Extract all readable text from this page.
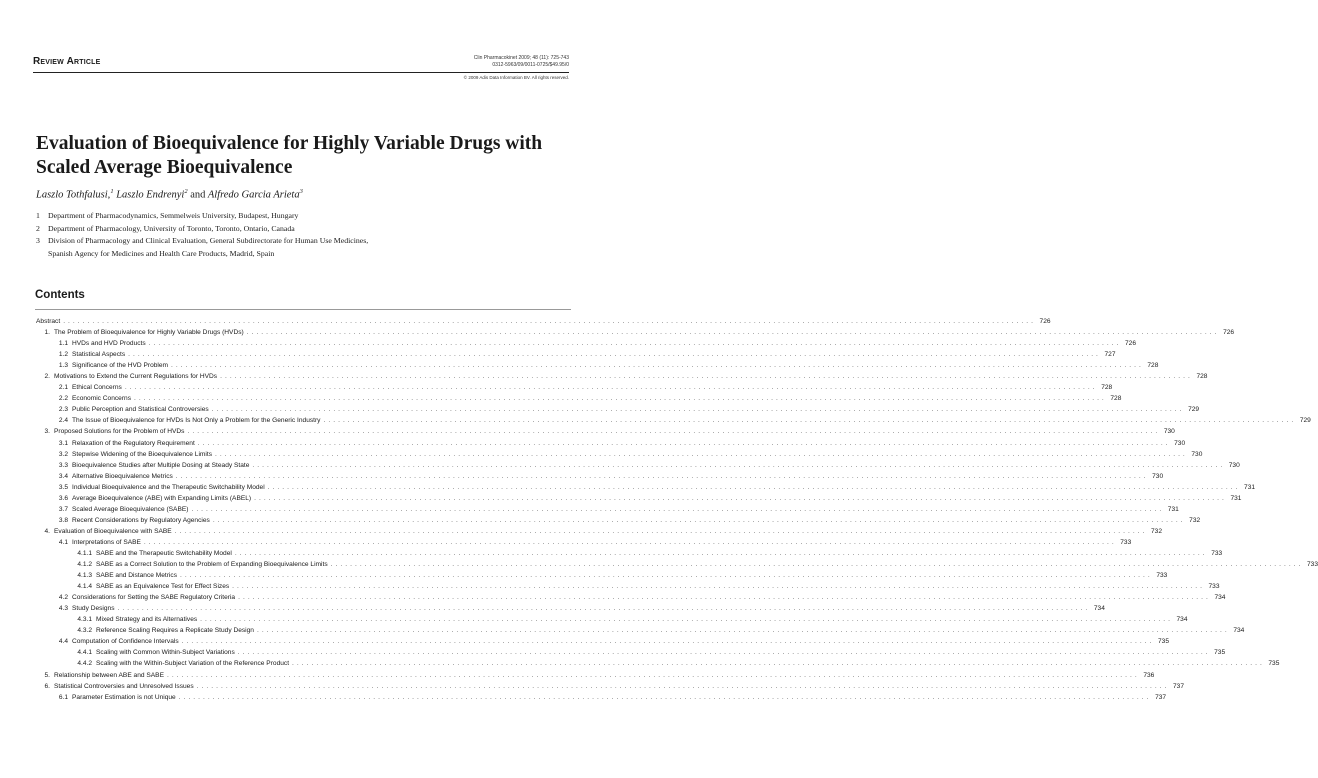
Review Article	Clin Pharmacokinet 2009; 48 (11): 725-743
0312-5963/09/0011-0725/$49.95/0
© 2009 Adis Data Information BV. All rights reserved.
Evaluation of Bioequivalence for Highly Variable Drugs with Scaled Average Bioequivalence
Laszlo Tothfalusi,$^1$ Laszlo Endrenyi$^2$ and Alfredo Garcia Arieta$^3$
1	Department of Pharmacodynamics, Semmelweis University, Budapest, Hungary
2	Department of Pharmacology, University of Toronto, Toronto, Ontario, Canada
3	Division of Pharmacology and Clinical Evaluation, General Subdirectorate for Human Use Medicines,
Spanish Agency for Medicines and Health Care Products, Madrid, Spain
Contents
Abstract . . . . . . . . . . . . . . . . . . . . . . . . . . . . . . . . . . . . . . . . . . . . . . . . . . . . . . . . . . . . . . . . . . . . . . . . . . . . . . . . . . . . . . . . . . . . . . . . . . . . . . . . . . . . . . . . . . . . . . . . . . . . . . . . . . . . . . . . . . . . . . . . . . . . . . . . . . . . . . . . . . . . . . . . . . . . . . . . . . . . . . . . . . . . . . . . . . . . . . . . 726
1. The Problem of Bioequivalence for Highly Variable Drugs (HVDs) . . . . . . . . . . . . . . . . . . . . . . . . . . . . . . . . . . . . . . . . . . . . . . . . . . . . . . . . . . . . . . . . . . . . . . . . . . . . . . . . . . . . . . . . . . . . . . . . . . . . . . . . . . . . . . . . . . . . . . . . . . . . . . . . . . . . . . . . . . . . . . . . . . . . . . . . . . . . . . . . . . . . . . . . . . . . . . . . . . . . . . . . . . . . . . . . . . . . . . . . 726
1.1 HVDs and HVD Products . . . . . . . . . . . . . . . . . . . . . . . . . . . . . . . . . . . . . . . . . . . . . . . . . . . . . . . . . . . . . . . . . . . . . . . . . . . . . . . . . . . . . . . . . . . . . . . . . . . . . . . . . . . . . . . . . . . . . . . . . . . . . . . . . . . . . . . . . . . . . . . . . . . . . . . . . . . . . . . . . . . . . . . . . . . . . . . . . . . . . . . . . . . . . . . . . . . . . . . . 726
1.2 Statistical Aspects . . . . . . . . . . . . . . . . . . . . . . . . . . . . . . . . . . . . . . . . . . . . . . . . . . . . . . . . . . . . . . . . . . . . . . . . . . . . . . . . . . . . . . . . . . . . . . . . . . . . . . . . . . . . . . . . . . . . . . . . . . . . . . . . . . . . . . . . . . . . . . . . . . . . . . . . . . . . . . . . . . . . . . . . . . . . . . . . . . . . . . . . . . . . . . . . . . . . . . . . 727
1.3 Significance of the HVD Problem . . . . . . . . . . . . . . . . . . . . . . . . . . . . . . . . . . . . . . . . . . . . . . . . . . . . . . . . . . . . . . . . . . . . . . . . . . . . . . . . . . . . . . . . . . . . . . . . . . . . . . . . . . . . . . . . . . . . . . . . . . . . . . . . . . . . . . . . . . . . . . . . . . . . . . . . . . . . . . . . . . . . . . . . . . . . . . . . . . . . . . . . . . . . . . . . . . . . . . . . 728
2. Motivations to Extend the Current Regulations for HVDs . . . . . . . . . . . . . . . . . . . . . . . . . . . . . . . . . . . . . . . . . . . . . . . . . . . . . . . . . . . . . . . . . . . . . . . . . . . . . . . . . . . . . . . . . . . . . . . . . . . . . . . . . . . . . . . . . . . . . . . . . . . . . . . . . . . . . . . . . . . . . . . . . . . . . . . . . . . . . . . . . . . . . . . . . . . . . . . . . . . . . . . . . . . . . . . . . . . . . . . . 728
2.1 Ethical Concerns . . . . . . . . . . . . . . . . . . . . . . . . . . . . . . . . . . . . . . . . . . . . . . . . . . . . . . . . . . . . . . . . . . . . . . . . . . . . . . . . . . . . . . . . . . . . . . . . . . . . . . . . . . . . . . . . . . . . . . . . . . . . . . . . . . . . . . . . . . . . . . . . . . . . . . . . . . . . . . . . . . . . . . . . . . . . . . . . . . . . . . . . . . . . . . . . . . . . . . . . 728
2.2 Economic Concerns . . . . . . . . . . . . . . . . . . . . . . . . . . . . . . . . . . . . . . . . . . . . . . . . . . . . . . . . . . . . . . . . . . . . . . . . . . . . . . . . . . . . . . . . . . . . . . . . . . . . . . . . . . . . . . . . . . . . . . . . . . . . . . . . . . . . . . . . . . . . . . . . . . . . . . . . . . . . . . . . . . . . . . . . . . . . . . . . . . . . . . . . . . . . . . . . . . . . . . . . 728
2.3 Public Perception and Statistical Controversies . . . . . . . . . . . . . . . . . . . . . . . . . . . . . . . . . . . . . . . . . . . . . . . . . . . . . . . . . . . . . . . . . . . . . . . . . . . . . . . . . . . . . . . . . . . . . . . . . . . . . . . . . . . . . . . . . . . . . . . . . . . . . . . . . . . . . . . . . . . . . . . . . . . . . . . . . . . . . . . . . . . . . . . . . . . . . . . . . . . . . . . . . . . . . . . . . . . . . . . . 729
2.4 The Issue of Bioequivalence for HVDs Is Not Only a Problem for the Generic Industry . . . . . . . . . . . . . . . . . . . . . . . . . . . . . . . . . . . . . . . . . . . . . . . . . . . . . . . . . . . . . . . . . . . . . . . . . . . . . . . . . . . . . . . . . . . . . . . . . . . . . . . . . . . . . . . . . . . . . . . . . . . . . . . . . . . . . . . . . . . . . . . . . . . . . . . . . . . . . . . . . . . . . . . . . . . . . . . . . . . . . . . . . . . . . . . . . . . . . . . . 729
3. Proposed Solutions for the Problem of HVDs . . . . . . . . . . . . . . . . . . . . . . . . . . . . . . . . . . . . . . . . . . . . . . . . . . . . . . . . . . . . . . . . . . . . . . . . . . . . . . . . . . . . . . . . . . . . . . . . . . . . . . . . . . . . . . . . . . . . . . . . . . . . . . . . . . . . . . . . . . . . . . . . . . . . . . . . . . . . . . . . . . . . . . . . . . . . . . . . . . . . . . . . . . . . . . . . . . . . . . . . 730
3.1 Relaxation of the Regulatory Requirement . . . . . . . . . . . . . . . . . . . . . . . . . . . . . . . . . . . . . . . . . . . . . . . . . . . . . . . . . . . . . . . . . . . . . . . . . . . . . . . . . . . . . . . . . . . . . . . . . . . . . . . . . . . . . . . . . . . . . . . . . . . . . . . . . . . . . . . . . . . . . . . . . . . . . . . . . . . . . . . . . . . . . . . . . . . . . . . . . . . . . . . . . . . . . . . . . . . . . . . . 730
3.2 Stepwise Widening of the Bioequivalence Limits . . . . . . . . . . . . . . . . . . . . . . . . . . . . . . . . . . . . . . . . . . . . . . . . . . . . . . . . . . . . . . . . . . . . . . . . . . . . . . . . . . . . . . . . . . . . . . . . . . . . . . . . . . . . . . . . . . . . . . . . . . . . . . . . . . . . . . . . . . . . . . . . . . . . . . . . . . . . . . . . . . . . . . . . . . . . . . . . . . . . . . . . . . . . . . . . . . . . . . . . 730
3.3 Bioequivalence Studies after Multiple Dosing at Steady State . . . . . . . . . . . . . . . . . . . . . . . . . . . . . . . . . . . . . . . . . . . . . . . . . . . . . . . . . . . . . . . . . . . . . . . . . . . . . . . . . . . . . . . . . . . . . . . . . . . . . . . . . . . . . . . . . . . . . . . . . . . . . . . . . . . . . . . . . . . . . . . . . . . . . . . . . . . . . . . . . . . . . . . . . . . . . . . . . . . . . . . . . . . . . . . . . . . . . . . . 730
3.4 Alternative Bioequivalence Metrics . . . . . . . . . . . . . . . . . . . . . . . . . . . . . . . . . . . . . . . . . . . . . . . . . . . . . . . . . . . . . . . . . . . . . . . . . . . . . . . . . . . . . . . . . . . . . . . . . . . . . . . . . . . . . . . . . . . . . . . . . . . . . . . . . . . . . . . . . . . . . . . . . . . . . . . . . . . . . . . . . . . . . . . . . . . . . . . . . . . . . . . . . . . . . . . . . . . . . . . . 730
3.5 Individual Bioequivalence and the Therapeutic Switchability Model . . . . . . . . . . . . . . . . . . . . . . . . . . . . . . . . . . . . . . . . . . . . . . . . . . . . . . . . . . . . . . . . . . . . . . . . . . . . . . . . . . . . . . . . . . . . . . . . . . . . . . . . . . . . . . . . . . . . . . . . . . . . . . . . . . . . . . . . . . . . . . . . . . . . . . . . . . . . . . . . . . . . . . . . . . . . . . . . . . . . . . . . . . . . . . . . . . . . . . . . 731
3.6 Average Bioequivalence (ABE) with Expanding Limits (ABEL) . . . . . . . . . . . . . . . . . . . . . . . . . . . . . . . . . . . . . . . . . . . . . . . . . . . . . . . . . . . . . . . . . . . . . . . . . . . . . . . . . . . . . . . . . . . . . . . . . . . . . . . . . . . . . . . . . . . . . . . . . . . . . . . . . . . . . . . . . . . . . . . . . . . . . . . . . . . . . . . . . . . . . . . . . . . . . . . . . . . . . . . . . . . . . . . . . . . . . . . . 731
3.7 Scaled Average Bioequivalence (SABE) . . . . . . . . . . . . . . . . . . . . . . . . . . . . . . . . . . . . . . . . . . . . . . . . . . . . . . . . . . . . . . . . . . . . . . . . . . . . . . . . . . . . . . . . . . . . . . . . . . . . . . . . . . . . . . . . . . . . . . . . . . . . . . . . . . . . . . . . . . . . . . . . . . . . . . . . . . . . . . . . . . . . . . . . . . . . . . . . . . . . . . . . . . . . . . . . . . . . . . . . 731
3.8 Recent Considerations by Regulatory Agencies . . . . . . . . . . . . . . . . . . . . . . . . . . . . . . . . . . . . . . . . . . . . . . . . . . . . . . . . . . . . . . . . . . . . . . . . . . . . . . . . . . . . . . . . . . . . . . . . . . . . . . . . . . . . . . . . . . . . . . . . . . . . . . . . . . . . . . . . . . . . . . . . . . . . . . . . . . . . . . . . . . . . . . . . . . . . . . . . . . . . . . . . . . . . . . . . . . . . . . . . 732
4. Evaluation of Bioequivalence with SABE . . . . . . . . . . . . . . . . . . . . . . . . . . . . . . . . . . . . . . . . . . . . . . . . . . . . . . . . . . . . . . . . . . . . . . . . . . . . . . . . . . . . . . . . . . . . . . . . . . . . . . . . . . . . . . . . . . . . . . . . . . . . . . . . . . . . . . . . . . . . . . . . . . . . . . . . . . . . . . . . . . . . . . . . . . . . . . . . . . . . . . . . . . . . . . . . . . . . . . . . 732
4.1 Interpretations of SABE . . . . . . . . . . . . . . . . . . . . . . . . . . . . . . . . . . . . . . . . . . . . . . . . . . . . . . . . . . . . . . . . . . . . . . . . . . . . . . . . . . . . . . . . . . . . . . . . . . . . . . . . . . . . . . . . . . . . . . . . . . . . . . . . . . . . . . . . . . . . . . . . . . . . . . . . . . . . . . . . . . . . . . . . . . . . . . . . . . . . . . . . . . . . . . . . . . . . . . . . 733
4.1.1 SABE and the Therapeutic Switchability Model . . . . . . . . . . . . . . . . . . . . . . . . . . . . . . . . . . . . . . . . . . . . . . . . . . . . . . . . . . . . . . . . . . . . . . . . . . . . . . . . . . . . . . . . . . . . . . . . . . . . . . . . . . . . . . . . . . . . . . . . . . . . . . . . . . . . . . . . . . . . . . . . . . . . . . . . . . . . . . . . . . . . . . . . . . . . . . . . . . . . . . . . . . . . . . . . . . . . . . . . 733
4.1.2 SABE as a Correct Solution to the Problem of Expanding Bioequivalence Limits . . . . . . . . . . . . . . . . . . . . . . . . . . . . . . . . . . . . . . . . . . . . . . . . . . . . . . . . . . . . . . . . . . . . . . . . . . . . . . . . . . . . . . . . . . . . . . . . . . . . . . . . . . . . . . . . . . . . . . . . . . . . . . . . . . . . . . . . . . . . . . . . . . . . . . . . . . . . . . . . . . . . . . . . . . . . . . . . . . . . . . . . . . . . . . . . . . . . . . . . 733
4.1.3 SABE and Distance Metrics . . . . . . . . . . . . . . . . . . . . . . . . . . . . . . . . . . . . . . . . . . . . . . . . . . . . . . . . . . . . . . . . . . . . . . . . . . . . . . . . . . . . . . . . . . . . . . . . . . . . . . . . . . . . . . . . . . . . . . . . . . . . . . . . . . . . . . . . . . . . . . . . . . . . . . . . . . . . . . . . . . . . . . . . . . . . . . . . . . . . . . . . . . . . . . . . . . . . . . . . 733
4.1.4 SABE as an Equivalence Test for Effect Sizes . . . . . . . . . . . . . . . . . . . . . . . . . . . . . . . . . . . . . . . . . . . . . . . . . . . . . . . . . . . . . . . . . . . . . . . . . . . . . . . . . . . . . . . . . . . . . . . . . . . . . . . . . . . . . . . . . . . . . . . . . . . . . . . . . . . . . . . . . . . . . . . . . . . . . . . . . . . . . . . . . . . . . . . . . . . . . . . . . . . . . . . . . . . . . . . . . . . . . . . . 733
4.2 Considerations for Setting the SABE Regulatory Criteria . . . . . . . . . . . . . . . . . . . . . . . . . . . . . . . . . . . . . . . . . . . . . . . . . . . . . . . . . . . . . . . . . . . . . . . . . . . . . . . . . . . . . . . . . . . . . . . . . . . . . . . . . . . . . . . . . . . . . . . . . . . . . . . . . . . . . . . . . . . . . . . . . . . . . . . . . . . . . . . . . . . . . . . . . . . . . . . . . . . . . . . . . . . . . . . . . . . . . . . . 734
4.3 Study Designs . . . . . . . . . . . . . . . . . . . . . . . . . . . . . . . . . . . . . . . . . . . . . . . . . . . . . . . . . . . . . . . . . . . . . . . . . . . . . . . . . . . . . . . . . . . . . . . . . . . . . . . . . . . . . . . . . . . . . . . . . . . . . . . . . . . . . . . . . . . . . . . . . . . . . . . . . . . . . . . . . . . . . . . . . . . . . . . . . . . . . . . . . . . . . . . . . . . . . . . . 734
4.3.1 Mixed Strategy and its Alternatives . . . . . . . . . . . . . . . . . . . . . . . . . . . . . . . . . . . . . . . . . . . . . . . . . . . . . . . . . . . . . . . . . . . . . . . . . . . . . . . . . . . . . . . . . . . . . . . . . . . . . . . . . . . . . . . . . . . . . . . . . . . . . . . . . . . . . . . . . . . . . . . . . . . . . . . . . . . . . . . . . . . . . . . . . . . . . . . . . . . . . . . . . . . . . . . . . . . . . . . . 734
4.3.2 Reference Scaling Requires a Replicate Study Design . . . . . . . . . . . . . . . . . . . . . . . . . . . . . . . . . . . . . . . . . . . . . . . . . . . . . . . . . . . . . . . . . . . . . . . . . . . . . . . . . . . . . . . . . . . . . . . . . . . . . . . . . . . . . . . . . . . . . . . . . . . . . . . . . . . . . . . . . . . . . . . . . . . . . . . . . . . . . . . . . . . . . . . . . . . . . . . . . . . . . . . . . . . . . . . . . . . . . . . . 734
4.4 Computation of Confidence Intervals . . . . . . . . . . . . . . . . . . . . . . . . . . . . . . . . . . . . . . . . . . . . . . . . . . . . . . . . . . . . . . . . . . . . . . . . . . . . . . . . . . . . . . . . . . . . . . . . . . . . . . . . . . . . . . . . . . . . . . . . . . . . . . . . . . . . . . . . . . . . . . . . . . . . . . . . . . . . . . . . . . . . . . . . . . . . . . . . . . . . . . . . . . . . . . . . . . . . . . . . 735
4.4.1 Scaling with Common Within-Subject Variations . . . . . . . . . . . . . . . . . . . . . . . . . . . . . . . . . . . . . . . . . . . . . . . . . . . . . . . . . . . . . . . . . . . . . . . . . . . . . . . . . . . . . . . . . . . . . . . . . . . . . . . . . . . . . . . . . . . . . . . . . . . . . . . . . . . . . . . . . . . . . . . . . . . . . . . . . . . . . . . . . . . . . . . . . . . . . . . . . . . . . . . . . . . . . . . . . . . . . . . . 735
4.4.2 Scaling with the Within-Subject Variation of the Reference Product . . . . . . . . . . . . . . . . . . . . . . . . . . . . . . . . . . . . . . . . . . . . . . . . . . . . . . . . . . . . . . . . . . . . . . . . . . . . . . . . . . . . . . . . . . . . . . . . . . . . . . . . . . . . . . . . . . . . . . . . . . . . . . . . . . . . . . . . . . . . . . . . . . . . . . . . . . . . . . . . . . . . . . . . . . . . . . . . . . . . . . . . . . . . . . . . . . . . . . . . 735
5. Relationship between ABE and SABE . . . . . . . . . . . . . . . . . . . . . . . . . . . . . . . . . . . . . . . . . . . . . . . . . . . . . . . . . . . . . . . . . . . . . . . . . . . . . . . . . . . . . . . . . . . . . . . . . . . . . . . . . . . . . . . . . . . . . . . . . . . . . . . . . . . . . . . . . . . . . . . . . . . . . . . . . . . . . . . . . . . . . . . . . . . . . . . . . . . . . . . . . . . . . . . . . . . . . . . . 736
6. Statistical Controversies and Unresolved Issues . . . . . . . . . . . . . . . . . . . . . . . . . . . . . . . . . . . . . . . . . . . . . . . . . . . . . . . . . . . . . . . . . . . . . . . . . . . . . . . . . . . . . . . . . . . . . . . . . . . . . . . . . . . . . . . . . . . . . . . . . . . . . . . . . . . . . . . . . . . . . . . . . . . . . . . . . . . . . . . . . . . . . . . . . . . . . . . . . . . . . . . . . . . . . . . . . . . . . . . . 737
6.1 Parameter Estimation is not Unique . . . . . . . . . . . . . . . . . . . . . . . . . . . . . . . . . . . . . . . . . . . . . . . . . . . . . . . . . . . . . . . . . . . . . . . . . . . . . . . . . . . . . . . . . . . . . . . . . . . . . . . . . . . . . . . . . . . . . . . . . . . . . . . . . . . . . . . . . . . . . . . . . . . . . . . . . . . . . . . . . . . . . . . . . . . . . . . . . . . . . . . . . . . . . . . . . . . . . . . . 737
